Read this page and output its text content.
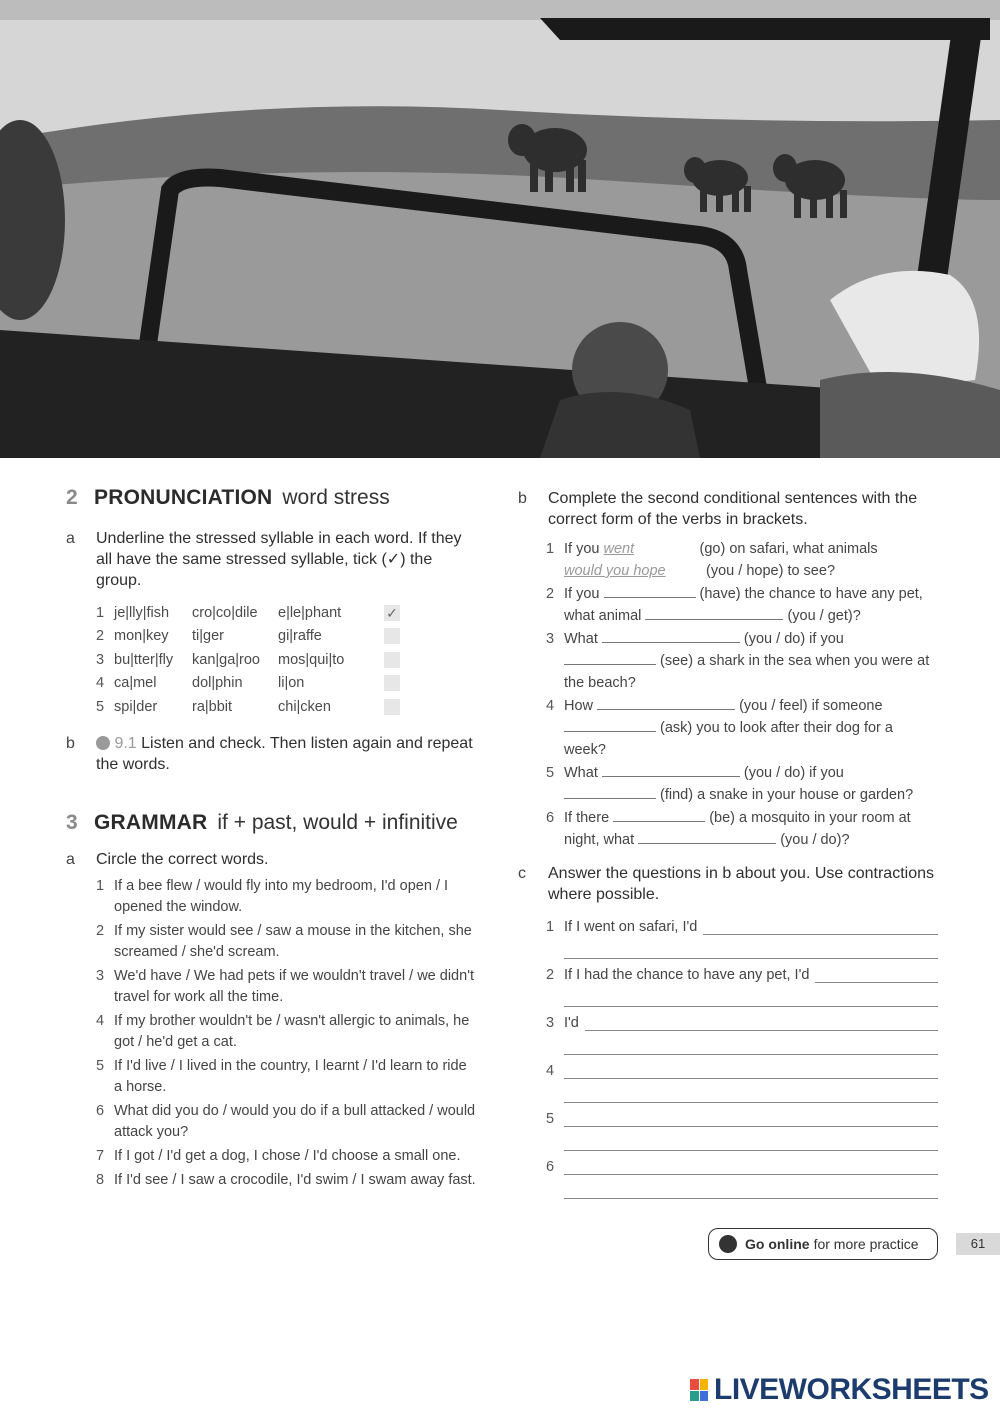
2 PRONUNCIATION word stress
a Underline the stressed syllable in each word. If they all have the same stressed syllable, tick (✓) the group.
1 je|lly|fish	cro|co|dile	e|le|phant	✓
2 mon|key	ti|ger	gi|raffe
3 bu|tter|fly	kan|ga|roo	mos|qui|to
4 ca|mel	dol|phin	li|on
5 spi|der	ra|bbit	chi|cken
b	9.1 Listen and check. Then listen again and repeat the words.
3 GRAMMAR if + past, would + infinitive
a Circle the correct words.
1 If a bee flew / would fly into my bedroom, I'd open / I opened the window.
2 If my sister would see / saw a mouse in the kitchen, she screamed / she'd scream.
3 We'd have / We had pets if we wouldn't travel / we didn't travel for work all the time.
4 If my brother wouldn't be / wasn't allergic to animals, he got / he'd get a cat.
5 If I'd live / I lived in the country, I learnt / I'd learn to ride a horse.
6 What did you do / would you do if a bull attacked / would attack you?
7 If I got / I'd get a dog, I chose / I'd choose a small one.
8 If I'd see / I saw a crocodile, I'd swim / I swam away fast.
b Complete the second conditional sentences with the correct form of the verbs in brackets.
1 If you went	(go) on safari, what animals would you hope	(you / hope) to see?
2 If you	(have) the chance to have any pet, what animal	(you / get)?
3 What	(you / do) if you  (see) a shark in the sea when you were at the beach?
4 How	(you / feel) if someone  (ask) you to look after their dog for a week?
5 What	(you / do) if you  (find) a snake in your house or garden?
6 If there	(be) a mosquito in your room at night, what	(you / do)?
c Answer the questions in b about you. Use contractions where possible.
1 If I went on safari, I'd
2 If I had the chance to have any pet, I'd
3 I'd
4
5
6
Go online for more practice	61
LIVEWORKSHEETS
